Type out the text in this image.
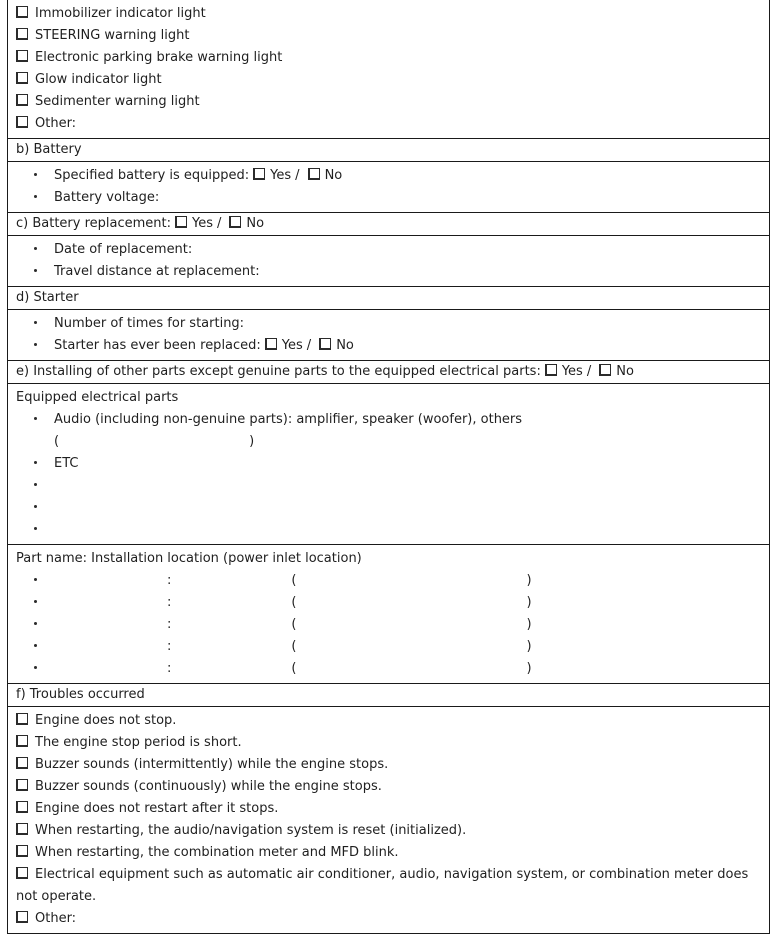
Immobilizer indicator light
STEERING warning light
Electronic parking brake warning light
Glow indicator light
Sedimenter warning light
Other:
b) Battery
Specified battery is equipped: Yes / No
Battery voltage:
c) Battery replacement: Yes / No
Date of replacement:
Travel distance at replacement:
d) Starter
Number of times for starting:
Starter has ever been replaced: Yes / No
e) Installing of other parts except genuine parts to the equipped electrical parts: Yes / No
Equipped electrical parts
Audio (including non-genuine parts): amplifier, speaker (woofer), others
(	)
ETC
Part name: Installation location (power inlet location)
:	(	)
:	(	)
:	(	)
:	(	)
:	(	)
f) Troubles occurred
Engine does not stop.
The engine stop period is short.
Buzzer sounds (intermittently) while the engine stops.
Buzzer sounds (continuously) while the engine stops.
Engine does not restart after it stops.
When restarting, the audio/navigation system is reset (initialized).
When restarting, the combination meter and MFD blink.
Electrical equipment such as automatic air conditioner, audio, navigation system, or combination meter does not operate.
Other:
